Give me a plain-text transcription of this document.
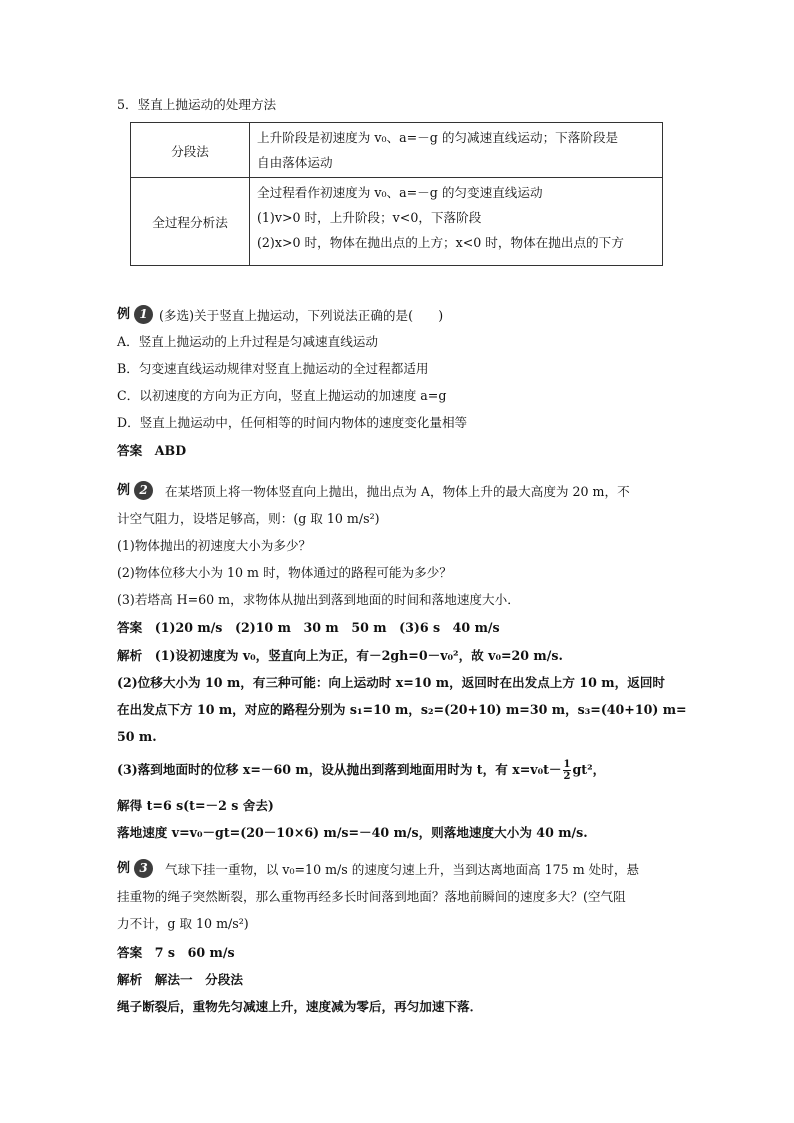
5．竖直上抛运动的处理方法
分段法	上升阶段是初速度为 v₀、a=－g 的匀减速直线运动；下落阶段是
自由落体运动

全过程分析法	全过程看作初速度为 v₀、a=－g 的匀变速直线运动
(1)v>0 时，上升阶段；v<0，下落阶段
(2)x>0 时，物体在抛出点的上方；x<0 时，物体在抛出点的下方
例 1 (多选)关于竖直上抛运动，下列说法正确的是(　　)
A．竖直上抛运动的上升过程是匀减速直线运动
B．匀变速直线运动规律对竖直上抛运动的全过程都适用
C．以初速度的方向为正方向，竖直上抛运动的加速度 a=g
D．竖直上抛运动中，任何相等的时间内物体的速度变化量相等
答案　ABD
例 2	在某塔顶上将一物体竖直向上抛出，抛出点为 A，物体上升的最大高度为 20 m，不
计空气阻力，设塔足够高，则：(g 取 10 m/s²)
(1)物体抛出的初速度大小为多少？
(2)物体位移大小为 10 m 时，物体通过的路程可能为多少？
(3)若塔高 H=60 m，求物体从抛出到落到地面的时间和落地速度大小．
答案　(1)20 m/s　(2)10 m　30 m　50 m　(3)6 s　40 m/s
解析　(1)设初速度为 v₀，竖直向上为正，有－2gh=0－v₀²，故 v₀=20 m/s.
(2)位移大小为 10 m，有三种可能：向上运动时 x=10 m，返回时在出发点上方 10 m，返回时
在出发点下方 10 m，对应的路程分别为 s₁=10 m，s₂=(20+10) m=30 m，s₃=(40+10) m=
50 m.
(3)落到地面时的位移 x=－60 m，设从抛出到落到地面用时为 t，有 $x=v_0t- \frac{1}{2} gt^2$，
解得 t=6 s(t=－2 s 舍去)
落地速度 v=v₀－gt=(20－10×6) m/s=－40 m/s，则落地速度大小为 40 m/s.
例 3	气球下挂一重物，以 v₀=10 m/s 的速度匀速上升，当到达离地面高 175 m 处时，悬
挂重物的绳子突然断裂，那么重物再经多长时间落到地面？落地前瞬间的速度多大？(空气阻
力不计，g 取 10 m/s²)
答案　7 s　60 m/s
解析　解法一　分段法
绳子断裂后，重物先匀减速上升，速度减为零后，再匀加速下落．
